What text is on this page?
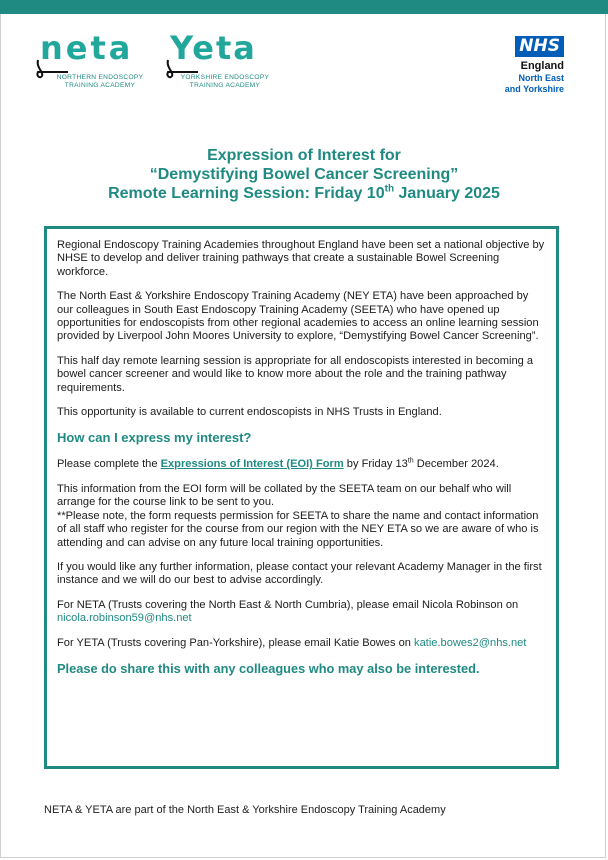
neta
NORTHERN ENDOSCOPY
TRAINING ACADEMY
Yeta
YORKSHIRE ENDOSCOPY
TRAINING ACADEMY
NHS
England
North East
and Yorkshire
Expression of Interest for
“Demystifying Bowel Cancer Screening”
Remote Learning Session: Friday 10th January 2025

Regional Endoscopy Training Academies throughout England have been set a national objective by NHSE to develop and deliver training pathways that create a sustainable Bowel Screening workforce.

The North East & Yorkshire Endoscopy Training Academy (NEY ETA) have been approached by our colleagues in South East Endoscopy Training Academy (SEETA) who have opened up opportunities for endoscopists from other regional academies to access an online learning session provided by Liverpool John Moores University to explore, “Demystifying Bowel Cancer Screening”.

This half day remote learning session is appropriate for all endoscopists interested in becoming a bowel cancer screener and would like to know more about the role and the training pathway requirements.

This opportunity is available to current endoscopists in NHS Trusts in England.

How can I express my interest?

Please complete the Expressions of Interest (EOI) Form by Friday 13th December 2024.

This information from the EOI form will be collated by the SEETA team on our behalf who will arrange for the course link to be sent to you.

**Please note, the form requests permission for SEETA to share the name and contact information of all staff who register for the course from our region with the NEY ETA so we are aware of who is attending and can advise on any future local training opportunities.

If you would like any further information, please contact your relevant Academy Manager in the first instance and we will do our best to advise accordingly.

For NETA (Trusts covering the North East & North Cumbria), please email Nicola Robinson on nicola.robinson59@nhs.net

For YETA (Trusts covering Pan-Yorkshire), please email Katie Bowes on katie.bowes2@nhs.net

Please do share this with any colleagues who may also be interested.
NETA & YETA are part of the North East & Yorkshire Endoscopy Training Academy
